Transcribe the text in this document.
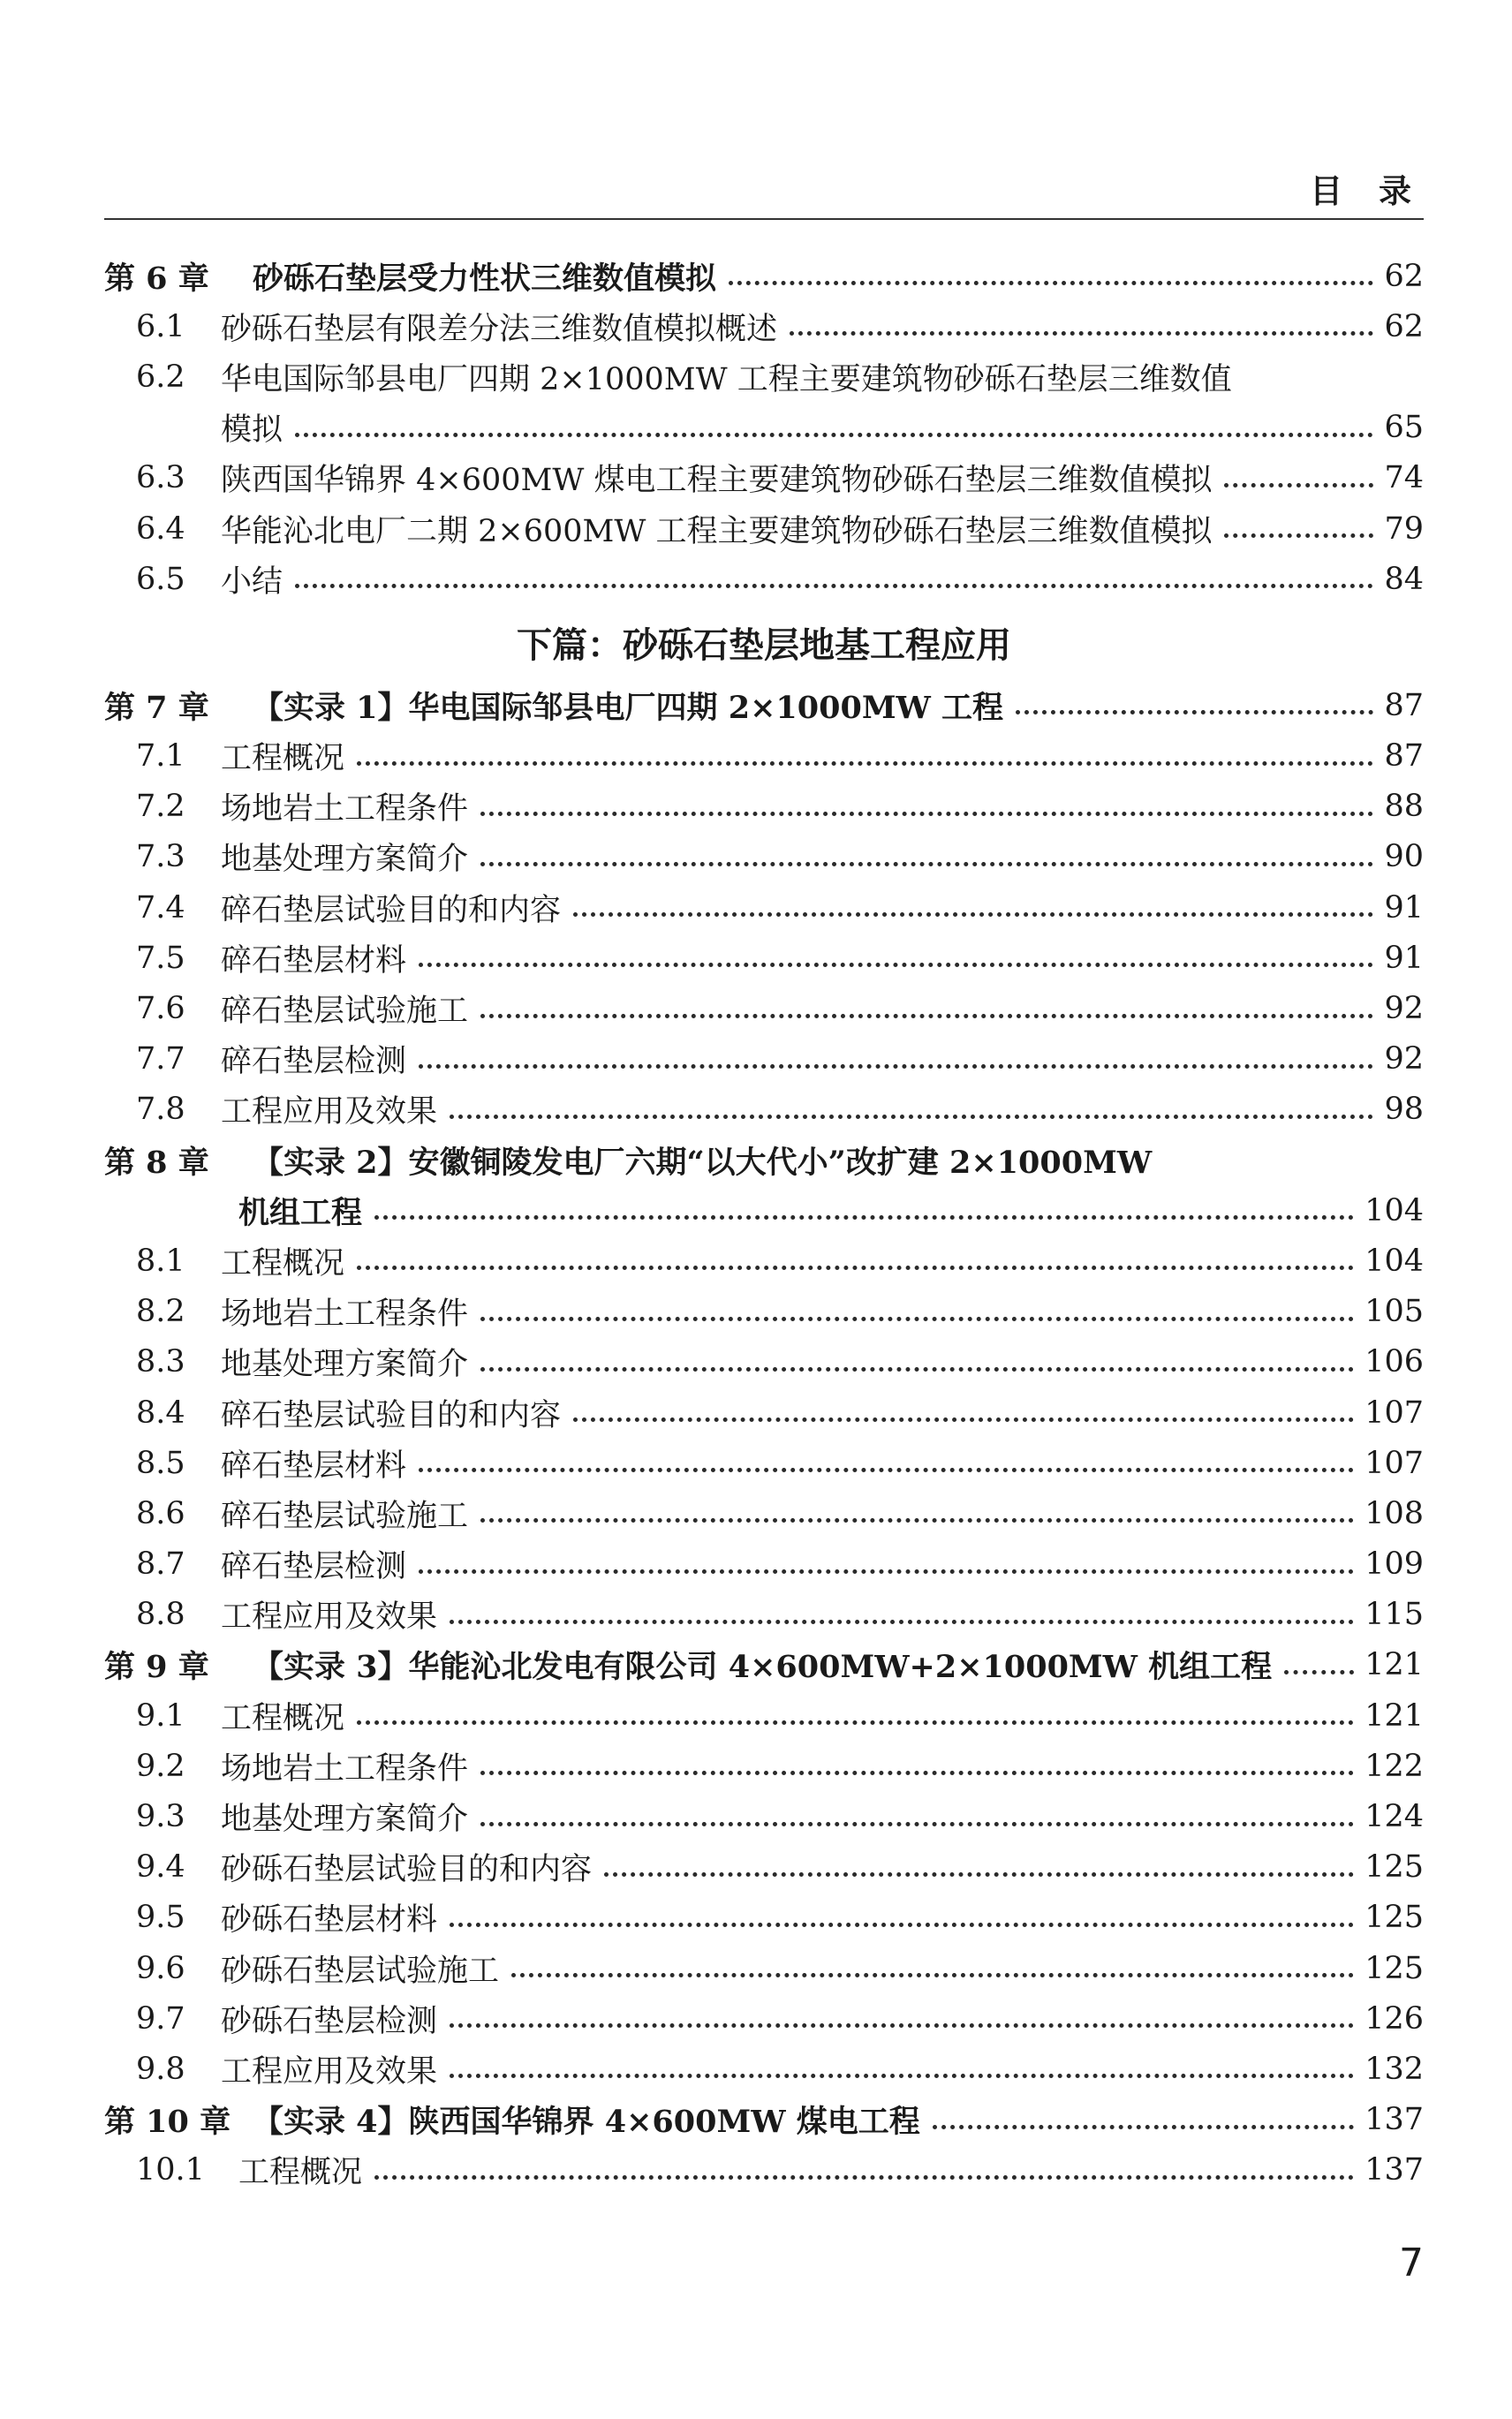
目 录
第 6 章	砂砾石垫层受力性状三维数值模拟	62
6.1	砂砾石垫层有限差分法三维数值模拟概述	62
6.2	华电国际邹县电厂四期 2×1000MW 工程主要建筑物砂砾石垫层三维数值
模拟	65
6.3	陕西国华锦界 4×600MW 煤电工程主要建筑物砂砾石垫层三维数值模拟	74
6.4	华能沁北电厂二期 2×600MW 工程主要建筑物砂砾石垫层三维数值模拟	79
6.5	小结	84
下篇：砂砾石垫层地基工程应用
第 7 章	【实录 1】华电国际邹县电厂四期 2×1000MW 工程	87
7.1	工程概况	87
7.2	场地岩土工程条件	88
7.3	地基处理方案简介	90
7.4	碎石垫层试验目的和内容	91
7.5	碎石垫层材料	91
7.6	碎石垫层试验施工	92
7.7	碎石垫层检测	92
7.8	工程应用及效果	98
第 8 章	【实录 2】安徽铜陵发电厂六期“以大代小”改扩建 2×1000MW
机组工程	104
8.1	工程概况	104
8.2	场地岩土工程条件	105
8.3	地基处理方案简介	106
8.4	碎石垫层试验目的和内容	107
8.5	碎石垫层材料	107
8.6	碎石垫层试验施工	108
8.7	碎石垫层检测	109
8.8	工程应用及效果	115
第 9 章	【实录 3】华能沁北发电有限公司 4×600MW+2×1000MW 机组工程	121
9.1	工程概况	121
9.2	场地岩土工程条件	122
9.3	地基处理方案简介	124
9.4	砂砾石垫层试验目的和内容	125
9.5	砂砾石垫层材料	125
9.6	砂砾石垫层试验施工	125
9.7	砂砾石垫层检测	126
9.8	工程应用及效果	132
第 10 章 【实录 4】陕西国华锦界 4×600MW 煤电工程	137
10.1	工程概况	137
7
